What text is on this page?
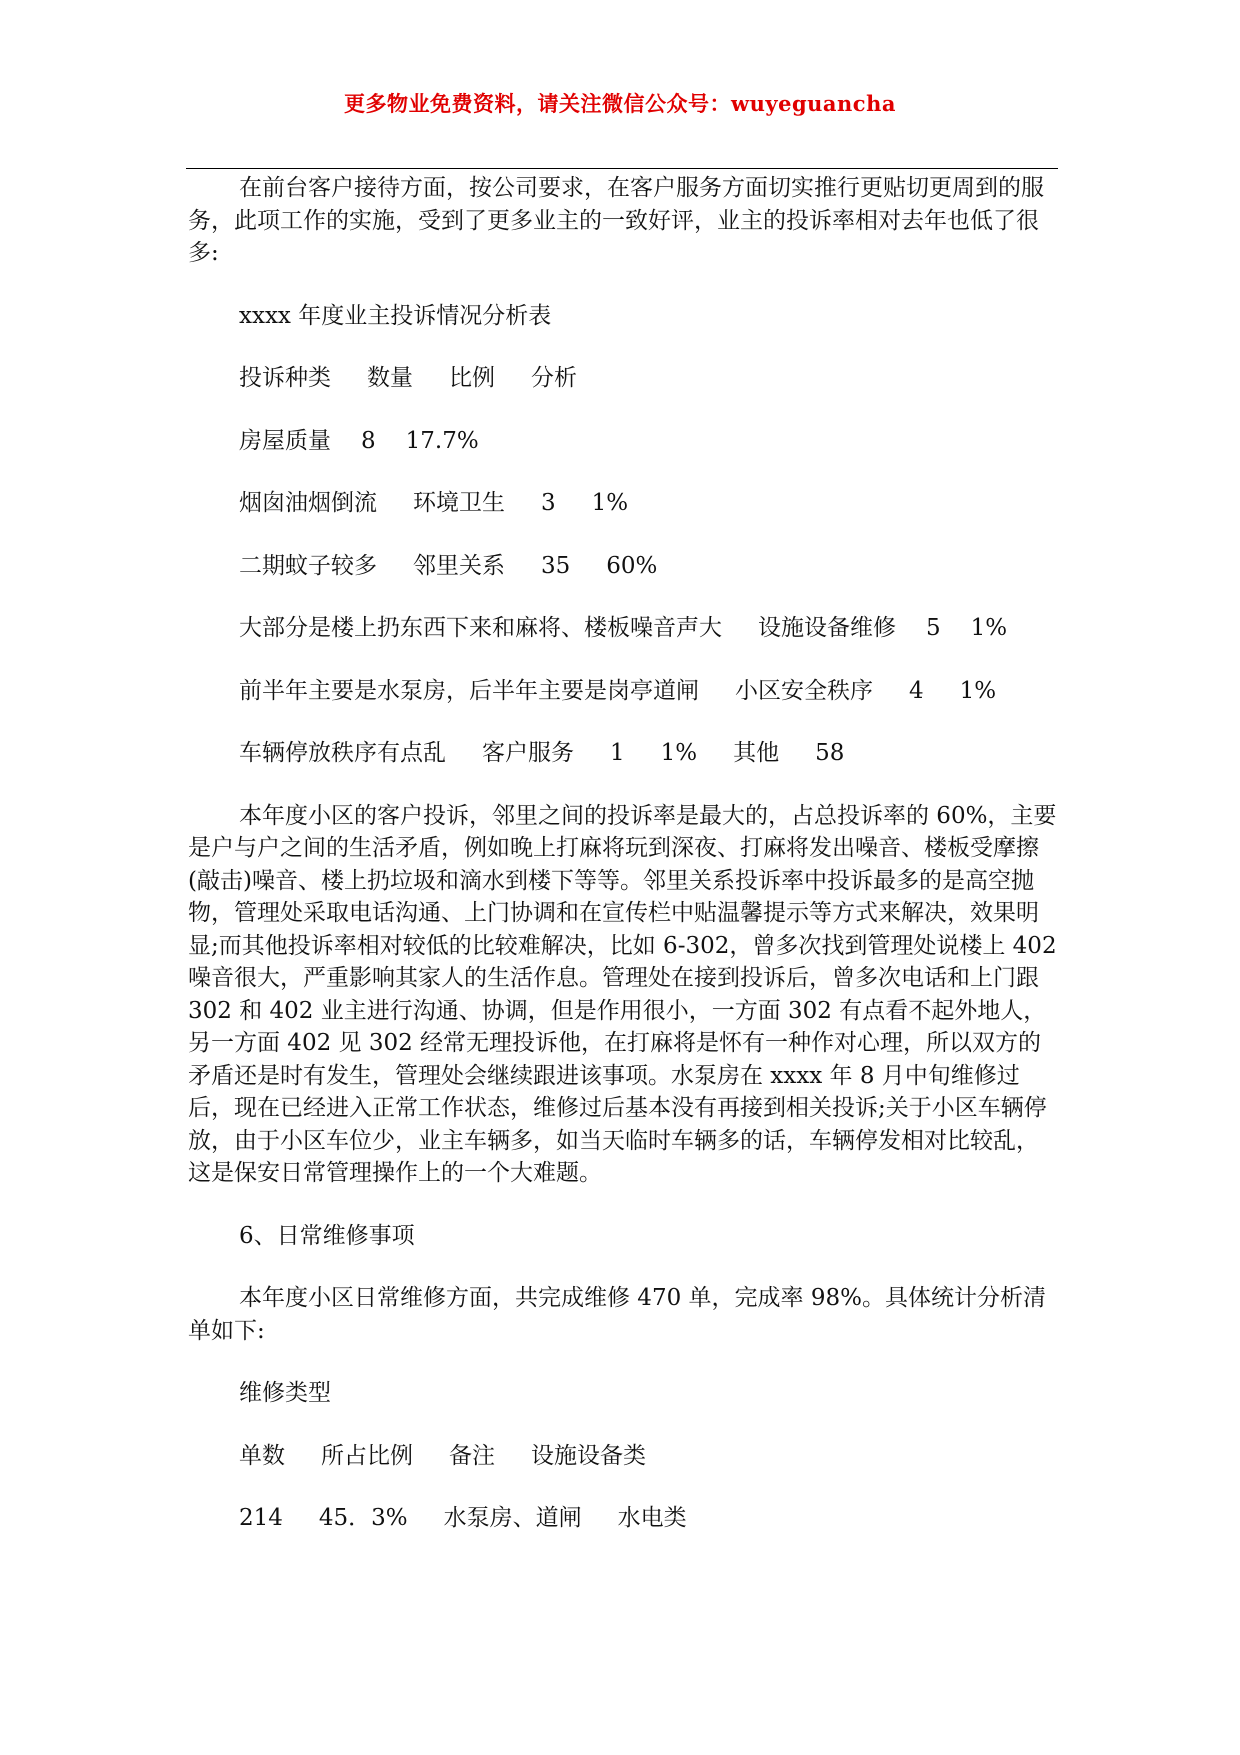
更多物业免费资料，请关注微信公众号：wuyeguancha

在前台客户接待方面，按公司要求，在客户服务方面切实推行更贴切更周到的服务，此项工作的实施，受到了更多业主的一致好评，业主的投诉率相对去年也低了很多:

xxxx 年度业主投诉情况分析表

投诉种类 数量 比例 分析

房屋质量 8 17.7%

烟囱油烟倒流 环境卫生 3 1%

二期蚊子较多 邻里关系 35 60%

大部分是楼上扔东西下来和麻将、楼板噪音声大 设施设备维修 5 1%

前半年主要是水泵房，后半年主要是岗亭道闸 小区安全秩序 4 1%

车辆停放秩序有点乱 客户服务 1 1% 其他 58

本年度小区的客户投诉，邻里之间的投诉率是最大的，占总投诉率的 60%，主要是户与户之间的生活矛盾，例如晚上打麻将玩到深夜、打麻将发出噪音、楼板受摩擦(敲击)噪音、楼上扔垃圾和滴水到楼下等等。邻里关系投诉率中投诉最多的是高空抛物，管理处采取电话沟通、上门协调和在宣传栏中贴温馨提示等方式来解决，效果明显;而其他投诉率相对较低的比较难解决，比如 6-302，曾多次找到管理处说楼上 402 噪音很大，严重影响其家人的生活作息。管理处在接到投诉后，曾多次电话和上门跟 302 和 402 业主进行沟通、协调，但是作用很小，一方面 302 有点看不起外地人，另一方面 402 见 302 经常无理投诉他，在打麻将是怀有一种作对心理，所以双方的矛盾还是时有发生，管理处会继续跟进该事项。水泵房在 xxxx 年 8 月中旬维修过后，现在已经进入正常工作状态，维修过后基本没有再接到相关投诉;关于小区车辆停放，由于小区车位少，业主车辆多，如当天临时车辆多的话，车辆停发相对比较乱，这是保安日常管理操作上的一个大难题。

6、日常维修事项

本年度小区日常维修方面，共完成维修 470 单，完成率 98%。具体统计分析清单如下:

维修类型

单数 所占比例 备注 设施设备类

214 45．3% 水泵房、道闸 水电类
